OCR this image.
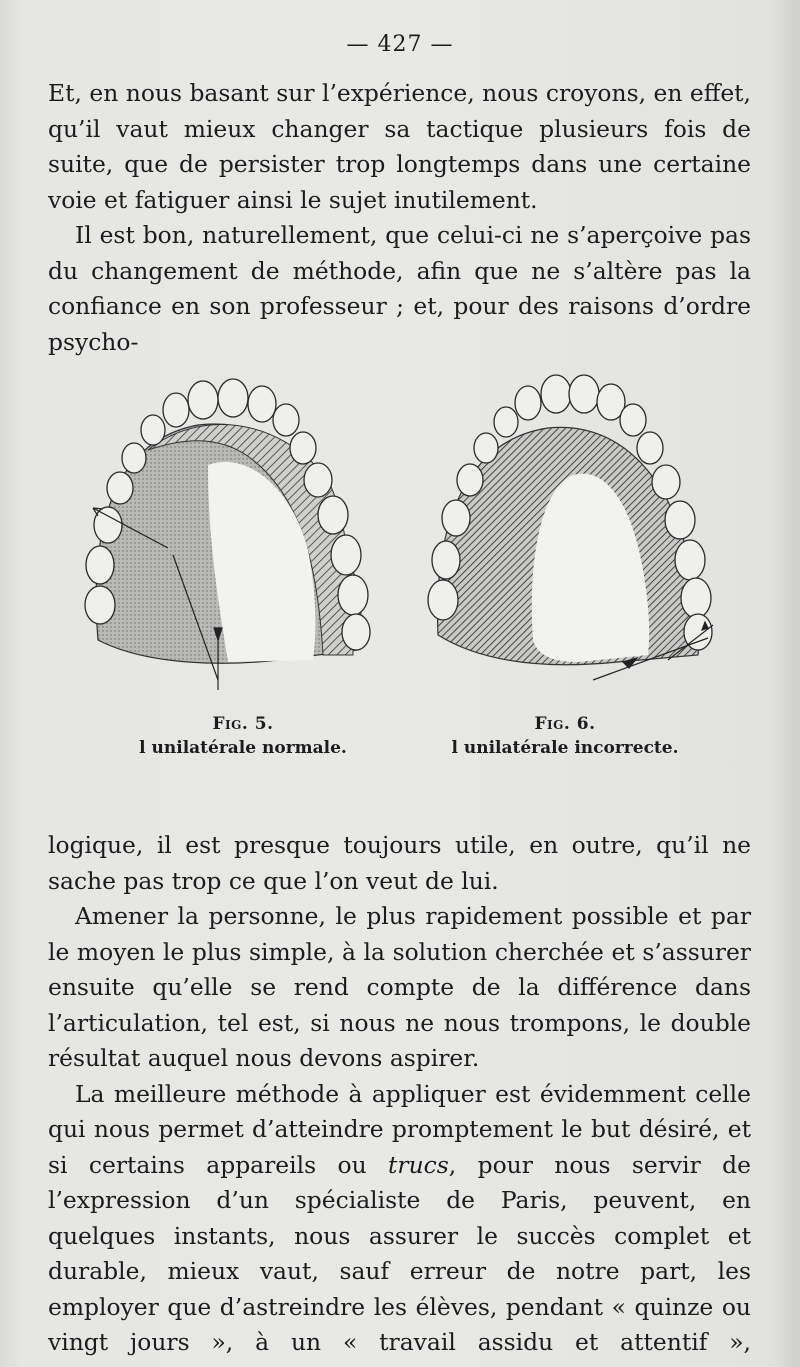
— 427 —

Et, en nous basant sur l’expérience, nous croyons, en effet, qu’il vaut mieux changer sa tactique plusieurs fois de suite, que de persister trop longtemps dans une certaine voie et fatiguer ainsi le sujet inutilement.

Il est bon, naturellement, que celui-ci ne s’aperçoive pas du changement de méthode, afin que ne s’altère pas la confiance en son professeur ; et, pour des raisons d’ordre psycho-

Fig. 5.
l unilatérale normale.
Fig. 6.
l unilatérale incorrecte.

logique, il est presque toujours utile, en outre, qu’il ne sache pas trop ce que l’on veut de lui.

Amener la personne, le plus rapidement possible et par le moyen le plus simple, à la solution cherchée et s’assurer ensuite qu’elle se rend compte de la différence dans l’articulation, tel est, si nous ne nous trompons, le double résultat auquel nous devons aspirer.

La meilleure méthode à appliquer est évidemment celle qui nous permet d’atteindre promptement le but désiré, et si certains appareils ou trucs, pour nous servir de l’expression d’un spécialiste de Paris, peuvent, en quelques instants, nous assurer le succès complet et durable, mieux vaut, sauf erreur de notre part, les employer que d’astreindre les élèves, pendant « quinze ou vingt jours », à un « travail assidu et attentif »,
